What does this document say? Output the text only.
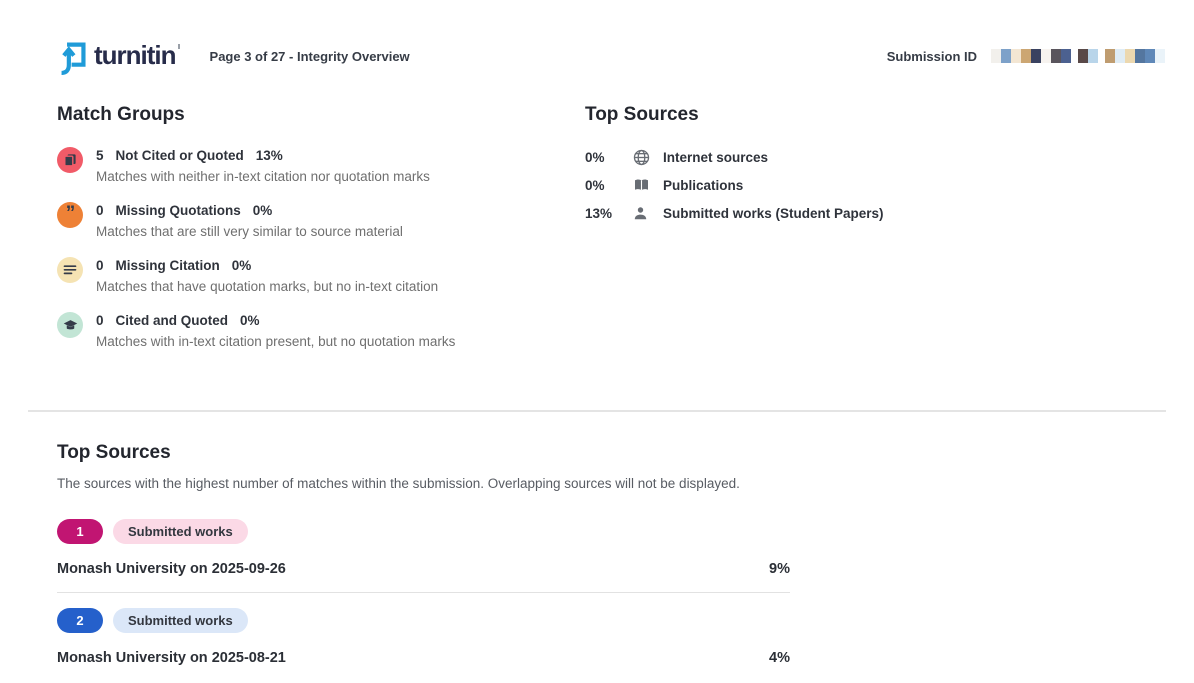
turnitin	Page 3 of 27 - Integrity Overview	Submission ID
Match Groups
5 Not Cited or Quoted 13%
Matches with neither in-text citation nor quotation marks
” 0 Missing Quotations 0%
Matches that are still very similar to source material
0 Missing Citation 0%
Matches that have quotation marks, but no in-text citation
0 Cited and Quoted 0%
Matches with in-text citation present, but no quotation marks
Top Sources
0%	Internet sources
0%	Publications
13%	Submitted works (Student Papers)
Top Sources
The sources with the highest number of matches within the submission. Overlapping sources will not be displayed.
1	Submitted works
Monash University on 2025-09-26	9%
2	Submitted works
Monash University on 2025-08-21	4%
